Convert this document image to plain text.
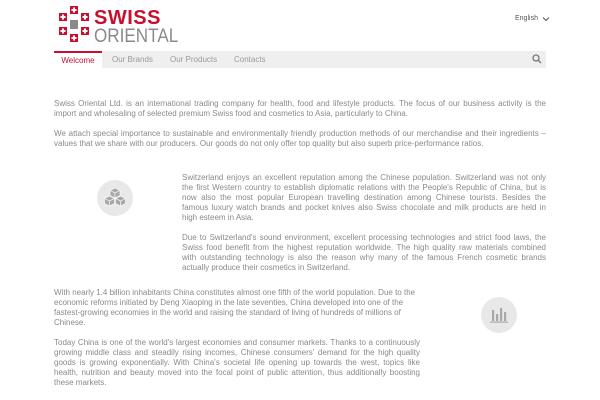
SWISS
ORIENTAL
English
Welcome	Our Brands Our Products Contacts

Swiss Oriental Ltd. is an international trading company for health, food and lifestyle products. The focus of our business activity is the import and wholesaling of selected premium Swiss food and cosmetics to Asia, particularly to China.

We attach special importance to sustainable and environmentally friendly production methods of our merchandise and their ingredients – values that we share with our producers. Our goods do not only offer top quality but also superb price-performance ratios.

Switzerland enjoys an excellent reputation among the Chinese population. Switzerland was not only the first Western country to establish diplomatic relations with the People's Republic of China, but is now also the most popular European travelling destination among Chinese tourists. Besides the famous luxury watch brands and pocket knives also Swiss chocolate and milk products are held in high esteem in Asia.

Due to Switzerland's sound environment, excellent processing technologies and strict food laws, the Swiss food benefit from the highest reputation worldwide. The high quality raw materials combined with outstanding technology is also the reason why many of the famous French cosmetic brands actually produce their cosmetics in Switzerland.

With nearly 1.4 billion inhabitants China constitutes almost one fifth of the world population. Due to the economic reforms initiated by Deng Xiaoping in the late seventies, China developed into one of the fastest-growing economies in the world and raising the standard of living of hundreds of millions of Chinese.

Today China is one of the world's largest economies and consumer markets. Thanks to a continuously growing middle class and steadily rising incomes, Chinese consumers' demand for the high quality goods is growing exponentially. With China's societal life opening up towards the west, topics like health, nutrition and beauty moved into the focal point of public attention, thus additionally boosting these markets.
